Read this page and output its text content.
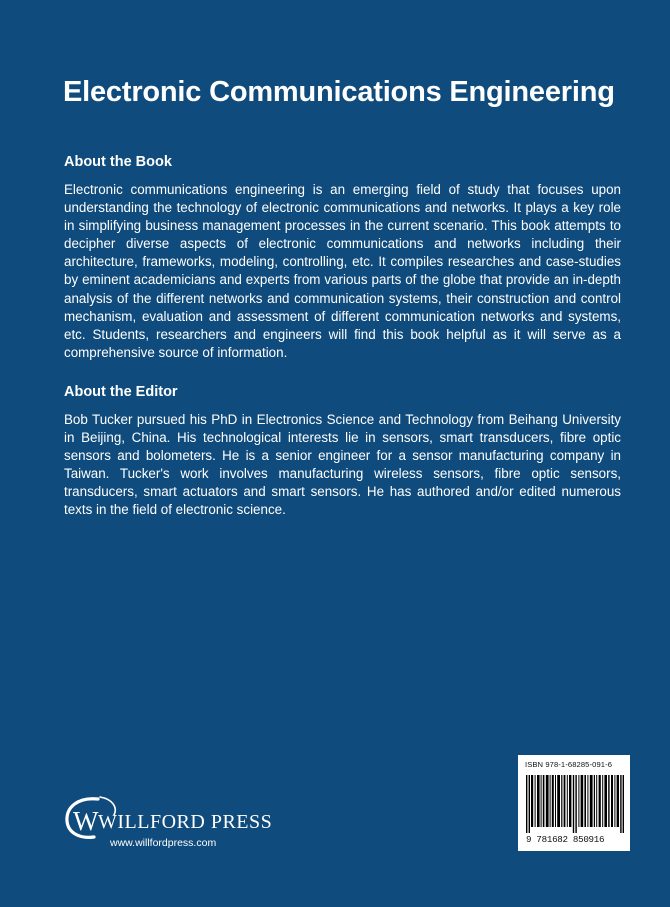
Electronic Communications Engineering
About the Book

Electronic communications engineering is an emerging field of study that focuses upon understanding the technology of electronic communications and networks. It plays a key role in simplifying business management processes in the current scenario. This book attempts to decipher diverse aspects of electronic communications and networks including their architecture, frameworks, modeling, controlling, etc. It compiles researches and case-studies by eminent academicians and experts from various parts of the globe that provide an in-depth analysis of the different networks and communication systems, their construction and control mechanism, evaluation and assessment of different communication networks and systems, etc. Students, researchers and engineers will find this book helpful as it will serve as a comprehensive source of information.

About the Editor

Bob Tucker pursued his PhD in Electronics Science and Technology from Beihang University in Beijing, China. His technological interests lie in sensors, smart transducers, fibre optic sensors and bolometers. He is a senior engineer for a sensor manufacturing company in Taiwan. Tucker's work involves manufacturing wireless sensors, fibre optic sensors, transducers, smart actuators and smart sensors. He has authored and/or edited numerous texts in the field of electronic science.

W WILLFORD PRESS
www.willfordpress.com
ISBN 978-1-68285-091-6
9 781682 850916
